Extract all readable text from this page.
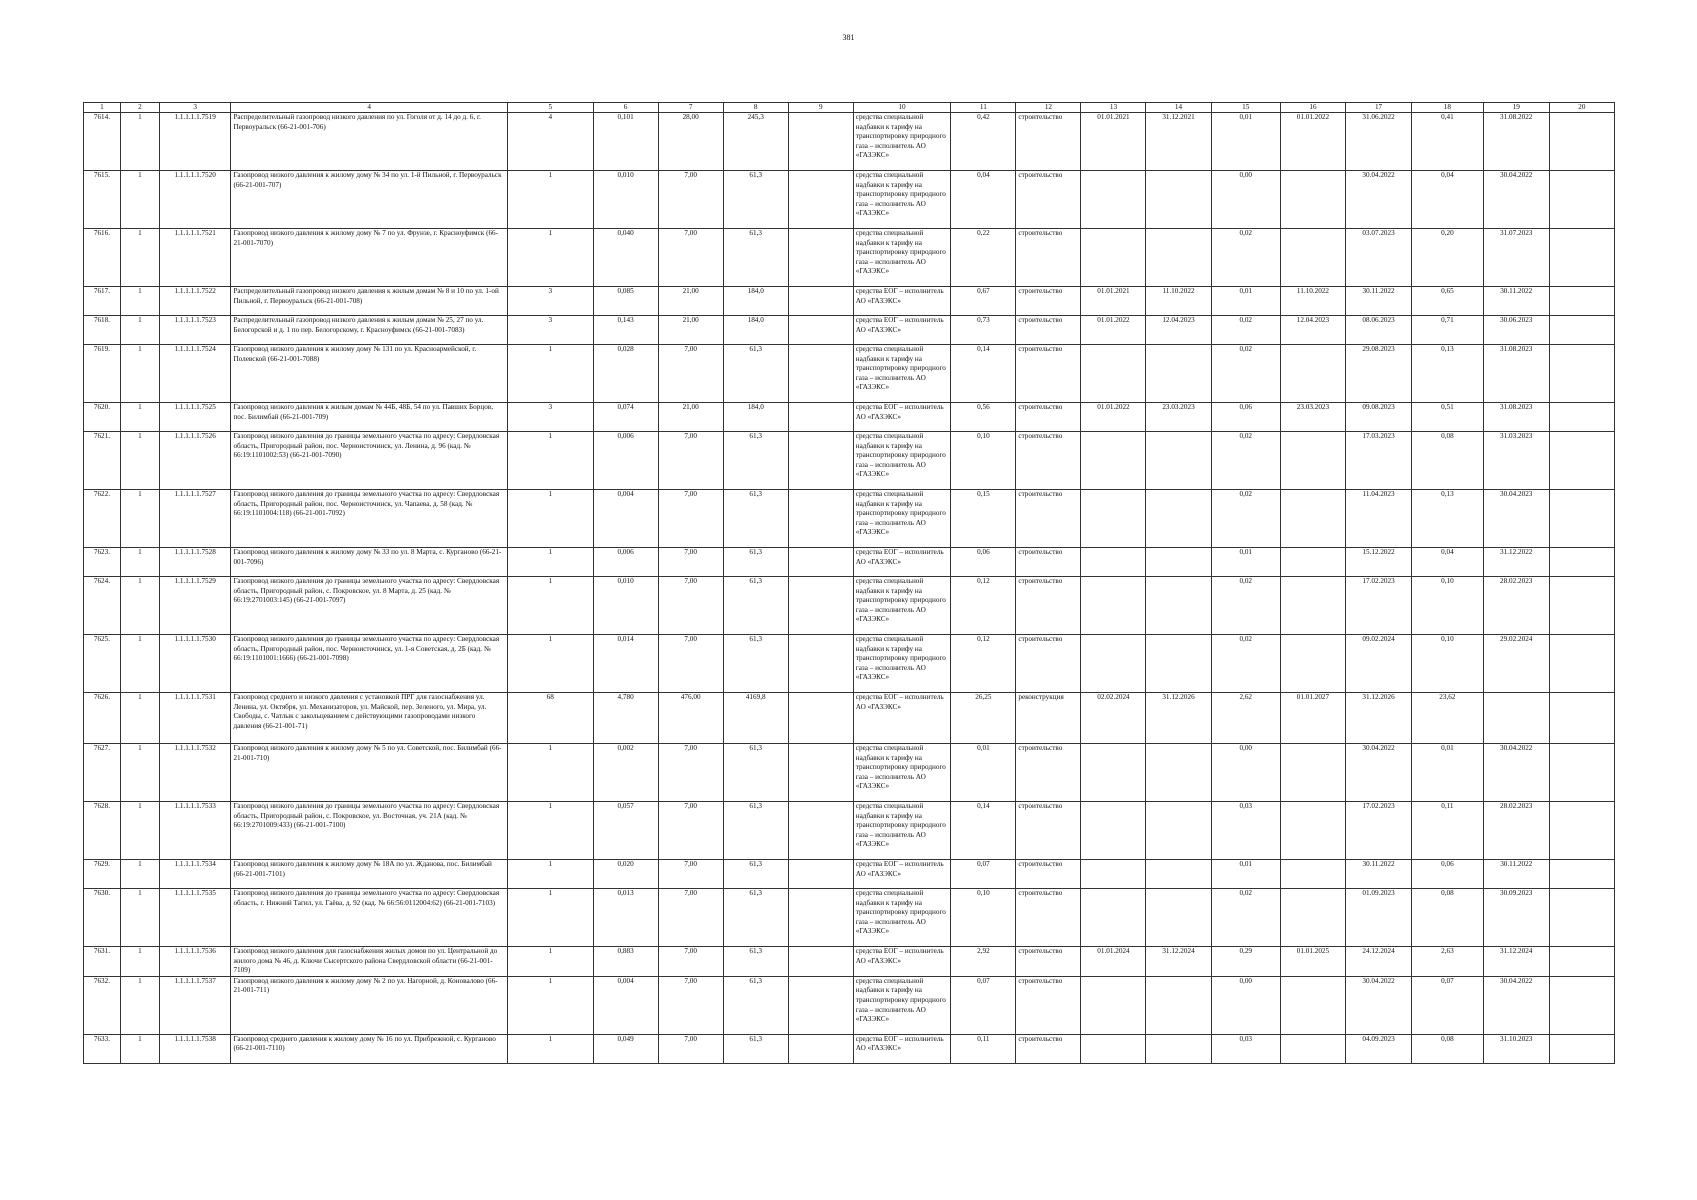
381
1	2	3	4	5	6	7	8	9	10	11	12	13	14	15	16	17	18	19	20
7614.	1	1.1.1.1.1.7519	Распределительный газопровод низкого давления по ул. Гоголя от д. 14 до д. 6, г. Первоуральск (66-21-001-706)	4	0,101	28,00	245,3		средства специальной надбавки к тарифу на транспортировку природного газа – исполнитель АО «ГАЗЭКС»	0,42	строительство	01.01.2021	31.12.2021	0,01	01.01.2022	31.06.2022	0,41	31.08.2022	
7615.	1	1.1.1.1.1.7520	Газопровод низкого давления к жилому дому № 34 по ул. 1-й Пильной, г. Первоуральск (66-21-001-707)	1	0,010	7,00	61,3		средства специальной надбавки к тарифу на транспортировку природного газа – исполнитель АО «ГАЗЭКС»	0,04	строительство			0,00		30.04.2022	0,04	30.04.2022	
7616.	1	1.1.1.1.1.7521	Газопровод низкого давления к жилому дому № 7 по ул. Фрунзе, г. Красноуфимск (66-21-001-7070)	1	0,040	7,00	61,3		средства специальной надбавки к тарифу на транспортировку природного газа – исполнитель АО «ГАЗЭКС»	0,22	строительство			0,02		03.07.2023	0,20	31.07.2023	
7617.	1	1.1.1.1.1.7522	Распределительный газопровод низкого давления к жилым домам № 8 и 10 по ул. 1-ой Пильной, г. Первоуральск (66-21-001-708)	3	0,085	21,00	184,0		средства ЕОГ – исполнитель АО «ГАЗЭКС»	0,67	строительство	01.01.2021	11.10.2022	0,01	11.10.2022	30.11.2022	0,65	30.11.2022	
7618.	1	1.1.1.1.1.7523	Распределительный газопровод низкого давления к жилым домам № 25, 27 по ул. Белогорской и д. 1 по пер. Белогорскому, г. Красноуфимск (66-21-001-7083)	3	0,143	21,00	184,0		средства ЕОГ – исполнитель АО «ГАЗЭКС»	0,73	строительство	01.01.2022	12.04.2023	0,02	12.04.2023	08.06.2023	0,71	30.06.2023	
7619.	1	1.1.1.1.1.7524	Газопровод низкого давления к жилому дому № 131 по ул. Красноармейской, г. Полевской (66-21-001-7088)	1	0,028	7,00	61,3		средства специальной надбавки к тарифу на транспортировку природного газа – исполнитель АО «ГАЗЭКС»	0,14	строительство			0,02		29.08.2023	0,13	31.08.2023	
7620.	1	1.1.1.1.1.7525	Газопровод низкого давления к жилым домам № 44Б, 48Б, 54 по ул. Павших Борцов, пос. Билимбай (66-21-001-709)	3	0,074	21,00	184,0		средства ЕОГ – исполнитель АО «ГАЗЭКС»	0,56	строительство	01.01.2022	23.03.2023	0,06	23.03.2023	09.08.2023	0,51	31.08.2023	
7621.	1	1.1.1.1.1.7526	Газопровод низкого давления до границы земельного участка по адресу: Свердловская область, Пригородный район, пос. Черноисточинск, ул. Ленина, д. 96 (кад. № 66:19:1101002:53) (66-21-001-7090)	1	0,006	7,00	61,3		средства специальной надбавки к тарифу на транспортировку природного газа – исполнитель АО «ГАЗЭКС»	0,10	строительство			0,02		17.03.2023	0,08	31.03.2023	
7622.	1	1.1.1.1.1.7527	Газопровод низкого давления до границы земельного участка по адресу: Свердловская область, Пригородный район, пос. Черноисточинск, ул. Чапаева, д. 58 (кад. № 66:19:1101004:118) (66-21-001-7092)	1	0,004	7,00	61,3		средства специальной надбавки к тарифу на транспортировку природного газа – исполнитель АО «ГАЗЭКС»	0,15	строительство			0,02		11.04.2023	0,13	30.04.2023	
7623.	1	1.1.1.1.1.7528	Газопровод низкого давления к жилому дому № 33 по ул. 8 Марта, с. Курганово (66-21-001-7096)	1	0,006	7,00	61,3		средства ЕОГ – исполнитель АО «ГАЗЭКС»	0,06	строительство			0,01		15.12.2022	0,04	31.12.2022	
7624.	1	1.1.1.1.1.7529	Газопровод низкого давления до границы земельного участка по адресу: Свердловская область, Пригородный район, с. Покровское, ул. 8 Марта, д. 25 (кад. № 66:19:2701003:145) (66-21-001-7097)	1	0,010	7,00	61,3		средства специальной надбавки к тарифу на транспортировку природного газа – исполнитель АО «ГАЗЭКС»	0,12	строительство			0,02		17.02.2023	0,10	28.02.2023	
7625.	1	1.1.1.1.1.7530	Газопровод низкого давления до границы земельного участка по адресу: Свердловская область, Пригородный район, пос. Черноисточинск, ул. 1-я Советская, д. 2Б (кад. № 66:19:1101001:1666) (66-21-001-7098)	1	0,014	7,00	61,3		средства специальной надбавки к тарифу на транспортировку природного газа – исполнитель АО «ГАЗЭКС»	0,12	строительство			0,02		09.02.2024	0,10	29.02.2024	
7626.	1	1.1.1.1.1.7531	Газопровод среднего и низкого давления с установкой ПРГ для газоснабжения ул. Ленина, ул. Октября, ул. Механизаторов, ул. Майской, пер. Зеленого, ул. Мира, ул. Свободы, с. Чатлык с закольцеванием с действующими газопроводами низкого давления (66-21-001-71)	68	4,780	476,00	4169,8		средства ЕОГ – исполнитель АО «ГАЗЭКС»	26,25	реконструкция	02.02.2024	31.12.2026	2,62	01.01.2027	31.12.2026	23,62		
7627.	1	1.1.1.1.1.7532	Газопровод низкого давления к жилому дому № 5 по ул. Советской, пос. Билимбай (66-21-001-710)	1	0,002	7,00	61,3		средства специальной надбавки к тарифу на транспортировку природного газа – исполнитель АО «ГАЗЭКС»	0,01	строительство			0,00		30.04.2022	0,01	30.04.2022	
7628.	1	1.1.1.1.1.7533	Газопровод низкого давления до границы земельного участка по адресу: Свердловская область, Пригородный район, с. Покровское, ул. Восточная, уч. 21А (кад. № 66:19:2701009:433) (66-21-001-7100)	1	0,057	7,00	61,3		средства специальной надбавки к тарифу на транспортировку природного газа – исполнитель АО «ГАЗЭКС»	0,14	строительство			0,03		17.02.2023	0,11	28.02.2023	
7629.	1	1.1.1.1.1.7534	Газопровод низкого давления к жилому дому № 18А по ул. Жданова, пос. Билимбай (66-21-001-7101)	1	0,020	7,00	61,3		средства ЕОГ – исполнитель АО «ГАЗЭКС»	0,07	строительство			0,01		30.11.2022	0,06	30.11.2022	
7630.	1	1.1.1.1.1.7535	Газопровод низкого давления до границы земельного участка по адресу: Свердловская область, г. Нижний Тагил, ул. Гаёва, д. 92 (кад. № 66:56:0112004:62) (66-21-001-7103)	1	0,013	7,00	61,3		средства специальной надбавки к тарифу на транспортировку природного газа – исполнитель АО «ГАЗЭКС»	0,10	строительство			0,02		01.09.2023	0,08	30.09.2023	
7631.	1	1.1.1.1.1.7536	Газопровод низкого давления для газоснабжения жилых домов по ул. Центральной до жилого дома № 46, д. Ключи Сысертского района Свердловской области (66-21-001-7109)	1	0,883	7,00	61,3		средства ЕОГ – исполнитель АО «ГАЗЭКС»	2,92	строительство	01.01.2024	31.12.2024	0,29	01.01.2025	24.12.2024	2,63	31.12.2024	
7632.	1	1.1.1.1.1.7537	Газопровод низкого давления к жилому дому № 2 по ул. Нагорной, д. Коновалово (66-21-001-711)	1	0,004	7,00	61,3		средства специальной надбавки к тарифу на транспортировку природного газа – исполнитель АО «ГАЗЭКС»	0,07	строительство			0,00		30.04.2022	0,07	30.04.2022	
7633.	1	1.1.1.1.1.7538	Газопровод среднего давления к жилому дому № 16 по ул. Прибрежной, с. Курганово (66-21-001-7110)	1	0,049	7,00	61,3		средства ЕОГ – исполнитель АО «ГАЗЭКС»	0,11	строительство			0,03		04.09.2023	0,08	31.10.2023	
